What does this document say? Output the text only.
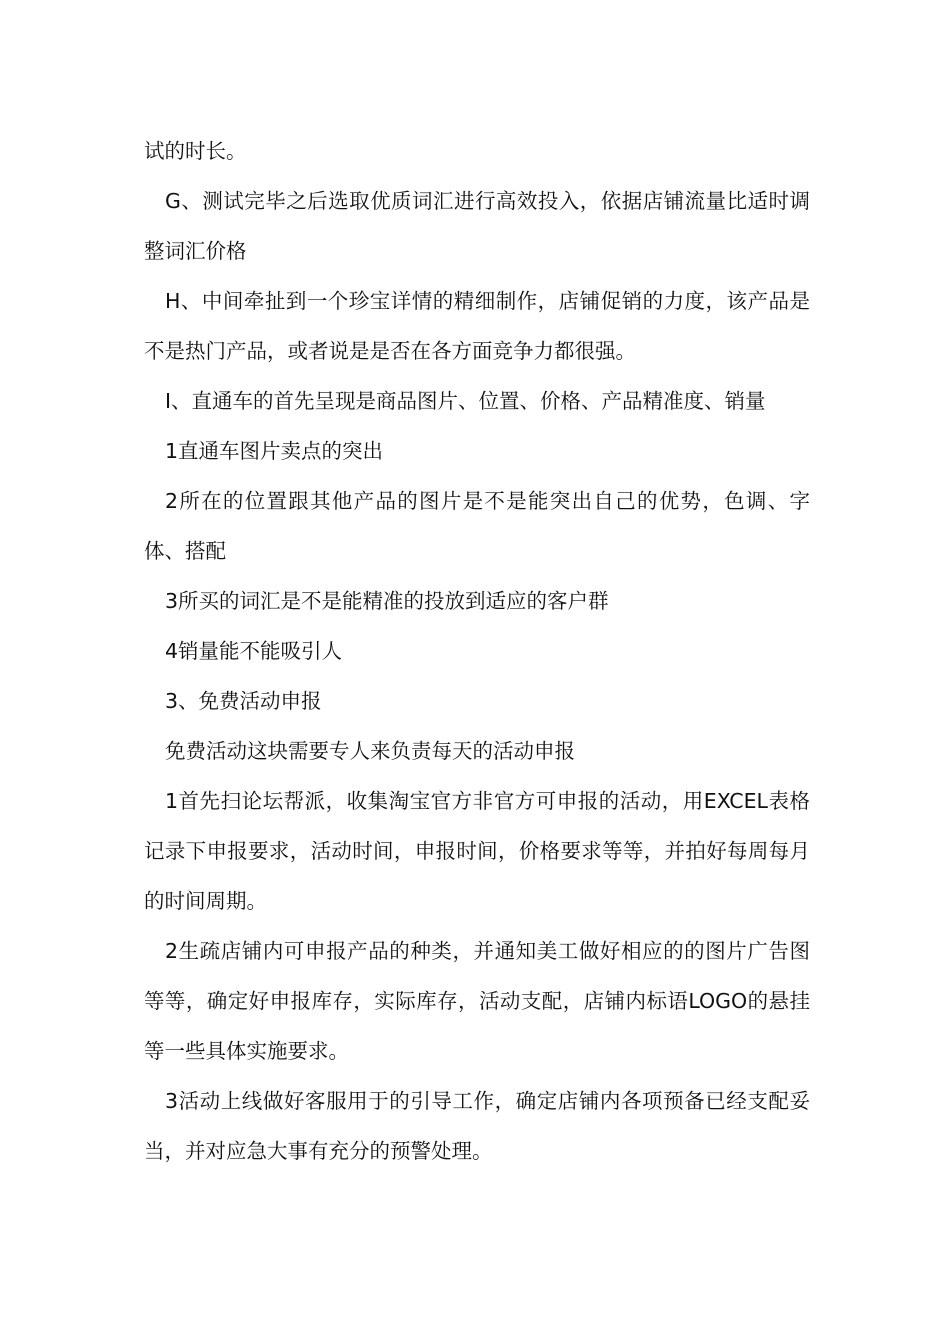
试的时长。

G、测试完毕之后选取优质词汇进行高效投入，依据店铺流量比适时调整词汇价格

H、中间牵扯到一个珍宝详情的精细制作，店铺促销的力度，该产品是不是热门产品，或者说是是否在各方面竞争力都很强。

I、直通车的首先呈现是商品图片、位置、价格、产品精准度、销量

1直通车图片卖点的突出

2所在的位置跟其他产品的图片是不是能突出自己的优势，色调、字体、搭配

3所买的词汇是不是能精准的投放到适应的客户群

4销量能不能吸引人

3、免费活动申报

免费活动这块需要专人来负责每天的活动申报

1首先扫论坛帮派，收集淘宝官方非官方可申报的活动，用EXCEL表格记录下申报要求，活动时间，申报时间，价格要求等等，并拍好每周每月的时间周期。

2生疏店铺内可申报产品的种类，并通知美工做好相应的的图片广告图等等，确定好申报库存，实际库存，活动支配，店铺内标语LOGO的悬挂等一些具体实施要求。

3活动上线做好客服用于的引导工作，确定店铺内各项预备已经支配妥当，并对应急大事有充分的预警处理。
